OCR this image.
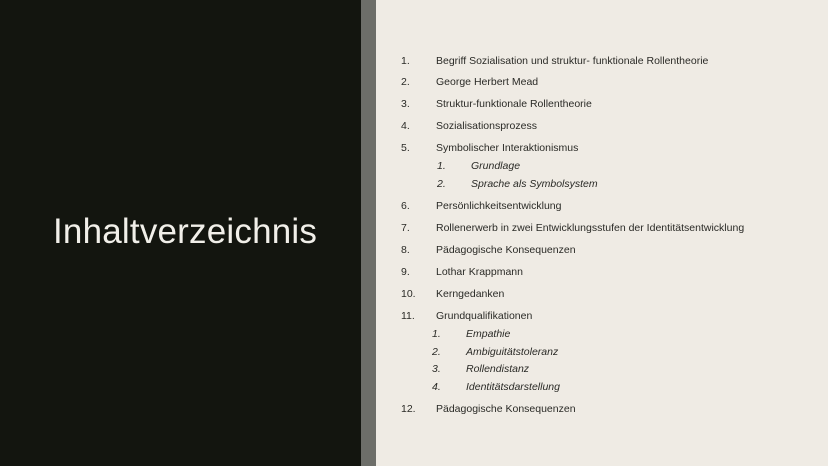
Inhaltverzeichnis
1. Begriff Sozialisation und struktur- funktionale Rollentheorie
2. George Herbert Mead
3. Struktur-funktionale Rollentheorie
4. Sozialisationsprozess
5. Symbolischer Interaktionismus
1. Grundlage
2. Sprache als Symbolsystem
6. Persönlichkeitsentwicklung
7. Rollenerwerb in zwei Entwicklungsstufen der Identitätsentwicklung
8. Pädagogische Konsequenzen
9. Lothar Krappmann
10. Kerngedanken
11. Grundqualifikationen
1. Empathie
2. Ambiguitätstoleranz
3. Rollendistanz
4. Identitätsdarstellung
12. Pädagogische Konsequenzen
